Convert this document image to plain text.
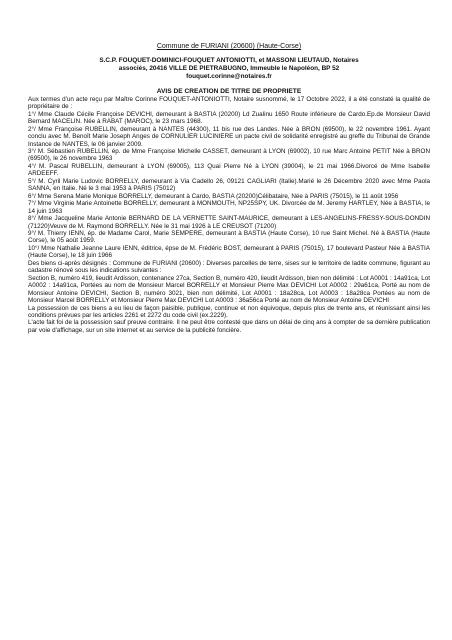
Commune de FURIANI (20600) (Haute-Corse)
S.C.P. FOUQUET-DOMINICI-FOUQUET ANTONIOTTI, et MASSONI LIEUTAUD, Notaires
associés, 20416 VILLE DE PIETRABUGNO, Immeuble le Napoléon, BP 52
fouquet.corinne@notaires.fr
AVIS DE CREATION DE TITRE DE PROPRIETE

Aux termes d'un acte reçu par Maître Corinne FOUQUET-ANTONIOTTI, Notaire susnommé, le 17 Octobre 2022, il a été constaté la qualité de propriétaire de :

1°/ Mme Claude Cécile Françoise DEVICHI, demeurant à BASTIA (20200) Ld Zualinu 1650 Route inférieure de Cardo.Ep.de Monsieur David Bernard MACELIN. Née à RABAT (MAROC), le 23 mars 1968.

2°/ Mme Françoise RUBELLIN, demeurant à NANTES (44300), 11 bis rue des Landes. Née à BRON (69500), le 22 novembre 1961. Ayant conclu avec M. Benoît Marie Joseph Anges de CORNULIER LUCINIERE un pacte civil de solidarité enregistré au greffe du Tribunal de Grande Instance de NANTES, le 06 janvier 2009.

3°/ M. Sébastien RUBELLIN, ép. de Mme Françoise Michelle CASSET, demeurant à LYON (69002), 10 rue Marc Antoine PETIT Née à BRON (69500), le 26 novembre 1963

4°/ M. Pascal RUBELLIN, demeurant à LYON (69005), 113 Quai Pierre Né à LYON (39004), le 21 mai 1966.Divorcé de Mme Isabelle ARDEEFF.

5°/ M. Cyril Marie Ludovic BORRELLY, demeurant à Via Cadello 26, 09121 CAGLIARI (Italie).Marié le 26 Décembre 2020 avec Mme Paola SANNA, en Italie. Né le 3 mai 1953 à PARIS (75012)

6°/ Mme Serena Marie Monique BORRELLY, demeurant à Cardo, BASTIA (20200)Célibataire, Née à PARIS (75015), le 11 août 1956

7°/ Mme Virginie Marie Antoinette BORRELLY, demeurant à MONMOUTH, NP25SPY, UK. Divorcée de M. Jeremy HARTLEY, Née à BASTIA, le 14 juin 1963

8°/ Mme Jacqueline Marie Antonie BERNARD DE LA VERNETTE SAINT-MAURICE, demeurant à LES-ANGELINS-FRESSY-SOUS-DONDIN (71220)Veuve de M. Raymond BORRELLY. Née le 31 mai 1926 à LE CREUSOT (71200)

9°/ M. Thierry IENN, ép. de Madame Carol, Marie SEMPERE, demeurant à BASTIA (Haute Corse), 10 rue Saint Michel. Né à BASTIA (Haute Corse), le 05 août 1959.

10°/ Mme Nathalie Jeanne Laure IENN, éditrice, épse de M. Frédéric BOST, demeurant à PARIS (75015), 17 boulevard Pasteur Née à BASTIA (Haute Corse), le 18 juin 1966

Des biens ci-après désignés : Commune de FURIANI (20600) : Diverses parcelles de terre, sises sur le territoire de ladite commune, figurant au cadastre rénové sous les indications suivantes :

Section B, numéro 419, lieudit Ardisson, contenance 27ca, Section B, numéro 420, lieudit Ardisson, bien non délimité : Lot A0001 : 14a91ca, Lot A0002 : 14a91ca, Portées au nom de Monsieur Marcel BORRELLY et Monsieur Pierre Max DEVICHI Lot A0002 : 29a61ca, Porté au nom de Monsieur Antoine DEVICHI, Section B, numéro 3021, bien non délimité, Lot A0001 : 18a28ca, Lot A0003 : 18a28ca Portées au nom de Monsieur Marcel BORRELLY et Monsieur Pierre Max DEVICHI Lot A0003 : 36a56ca Porté au nom de Monsieur Antoine DEVICHI

La possession de ces biens a eu lieu de façon paisible, publique, continue et non équivoque, depuis plus de trente ans, et réunissant ainsi les conditions prévues par les articles 2261 et 2272 du code civil (ex.2229).

L'acte fait foi de la possession sauf preuve contraire. Il ne peut être contesté que dans un délai de cinq ans à compter de sa dernière publication par voie d'affichage, sur un site internet et au service de la publicité foncière.
